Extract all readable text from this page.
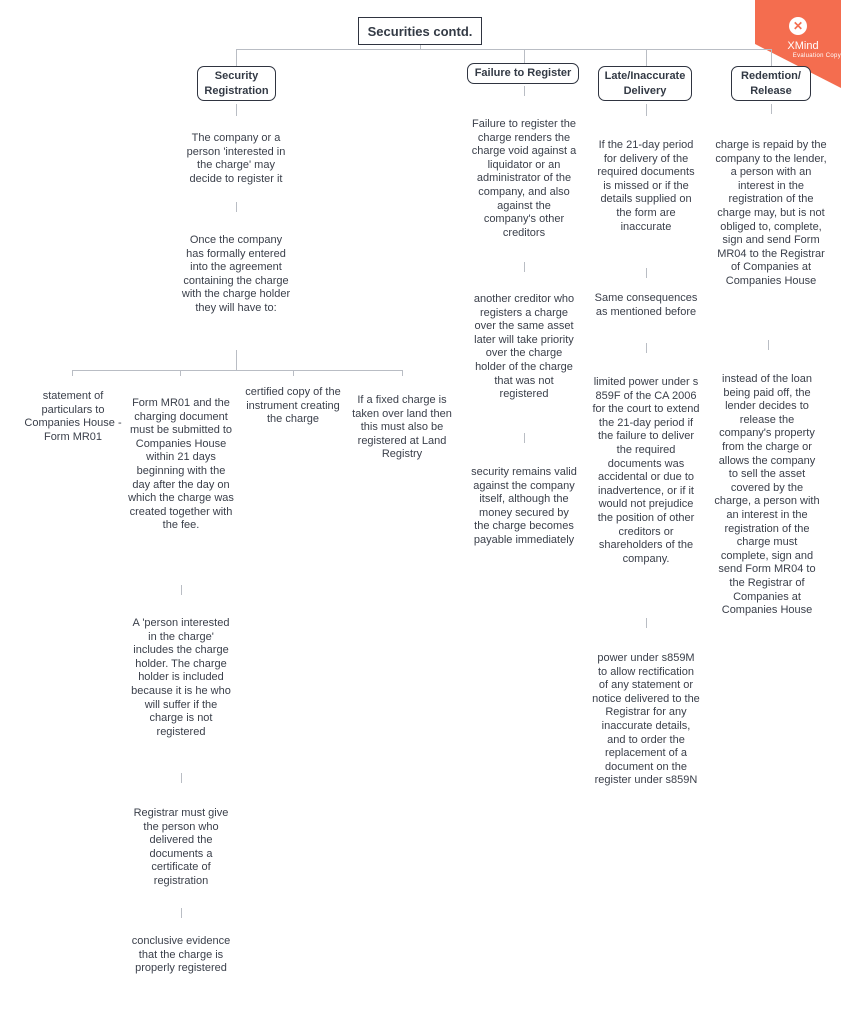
✕
XMind
Evaluation Copy
Securities contd.
Security Registration
Failure to Register	Late/Inaccurate Delivery
Redemtion/ Release
The company or a person 'interested in the charge' may decide to register it
Once the company has formally entered into the agreement containing the charge with the charge holder they will have to:
statement of particulars to Companies House - Form MR01
Form MR01 and the charging document must be submitted to Companies House within 21 days beginning with the day after the day on which the charge was created together with the fee.
certified copy of the instrument creating the charge
If a fixed charge is taken over land then this must also be registered at Land Registry
A 'person interested in the charge' includes the charge holder. The charge holder is included because it is he who will suffer if the charge is not registered
Registrar must give the person who delivered the documents a certificate of registration
conclusive evidence that the charge is properly registered
Failure to register the charge renders the charge void against a liquidator or an administrator of the company, and also against the company's other creditors
another creditor who registers a charge over the same asset later will take priority over the charge holder of the charge that was not registered
security remains valid against the company itself, although the money secured by the charge becomes payable immediately
If the 21-day period for delivery of the required documents is missed or if the details supplied on the form are inaccurate
Same consequences as mentioned before
limited power under s 859F of the CA 2006 for the court to extend the 21-day period if the failure to deliver the required documents was accidental or due to inadvertence, or if it would not prejudice the position of other creditors or shareholders of the company.
power under s859M to allow rectification of any statement or notice delivered to the Registrar for any inaccurate details, and to order the replacement of a document on the register under s859N
charge is repaid by the company to the lender, a person with an interest in the registration of the charge may, but is not obliged to, complete, sign and send Form MR04 to the Registrar of Companies at Companies House
instead of the loan being paid off, the lender decides to release the company's property from the charge or allows the company to sell the asset covered by the charge, a person with an interest in the registration of the charge must complete, sign and send Form MR04 to the Registrar of Companies at Companies House
